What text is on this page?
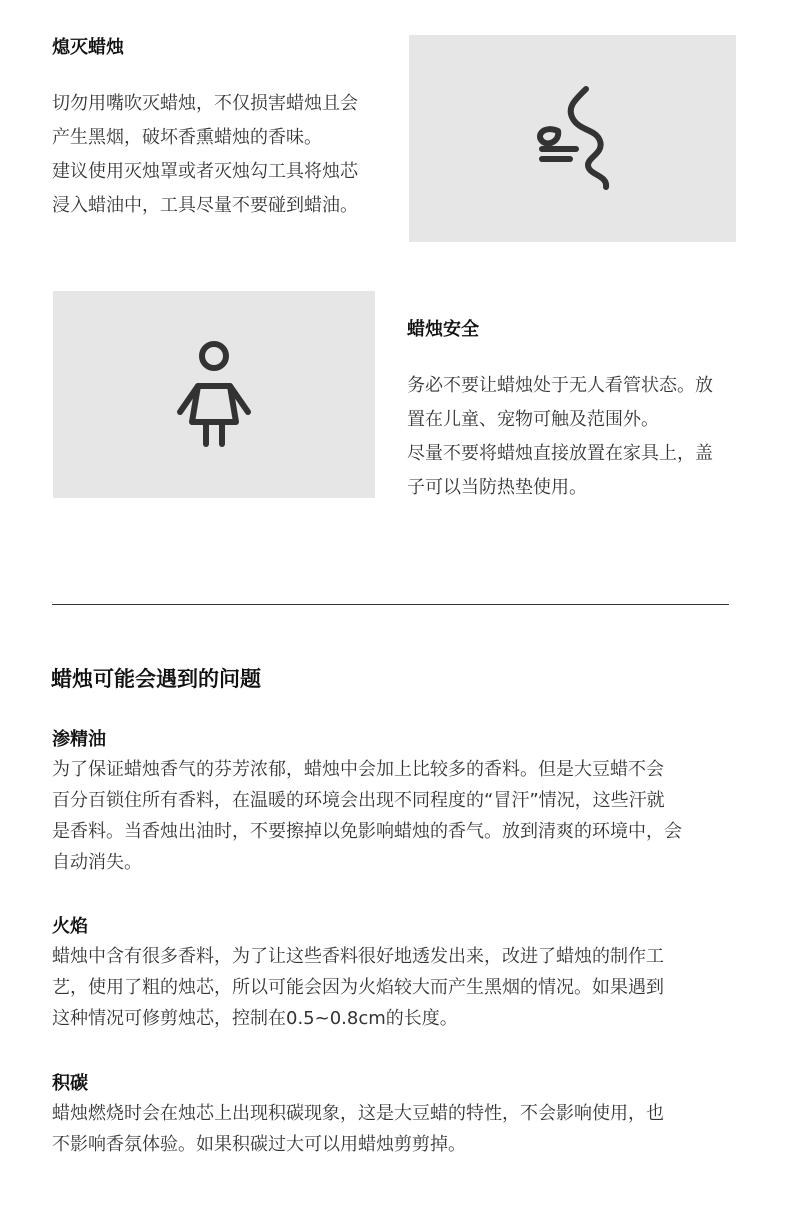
熄灭蜡烛

切勿用嘴吹灭蜡烛，不仅损害蜡烛且会

产生黑烟，破坏香熏蜡烛的香味。

建议使用灭烛罩或者灭烛勾工具将烛芯

浸入蜡油中，工具尽量不要碰到蜡油。

蜡烛安全

务必不要让蜡烛处于无人看管状态。放

置在儿童、宠物可触及范围外。

尽量不要将蜡烛直接放置在家具上，盖

子可以当防热垫使用。

蜡烛可能会遇到的问题
渗精油
为了保证蜡烛香气的芬芳浓郁，蜡烛中会加上比较多的香料。但是大豆蜡不会
百分百锁住所有香料，在温暖的环境会出现不同程度的“冒汗”情况，这些汗就
是香料。当香烛出油时，不要擦掉以免影响蜡烛的香气。放到清爽的环境中，会
自动消失。
火焰
蜡烛中含有很多香料，为了让这些香料很好地透发出来，改进了蜡烛的制作工
艺，使用了粗的烛芯，所以可能会因为火焰较大而产生黑烟的情况。如果遇到
这种情况可修剪烛芯，控制在0.5~0.8cm的长度。
积碳
蜡烛燃烧时会在烛芯上出现积碳现象，这是大豆蜡的特性，不会影响使用，也
不影响香氛体验。如果积碳过大可以用蜡烛剪剪掉。
